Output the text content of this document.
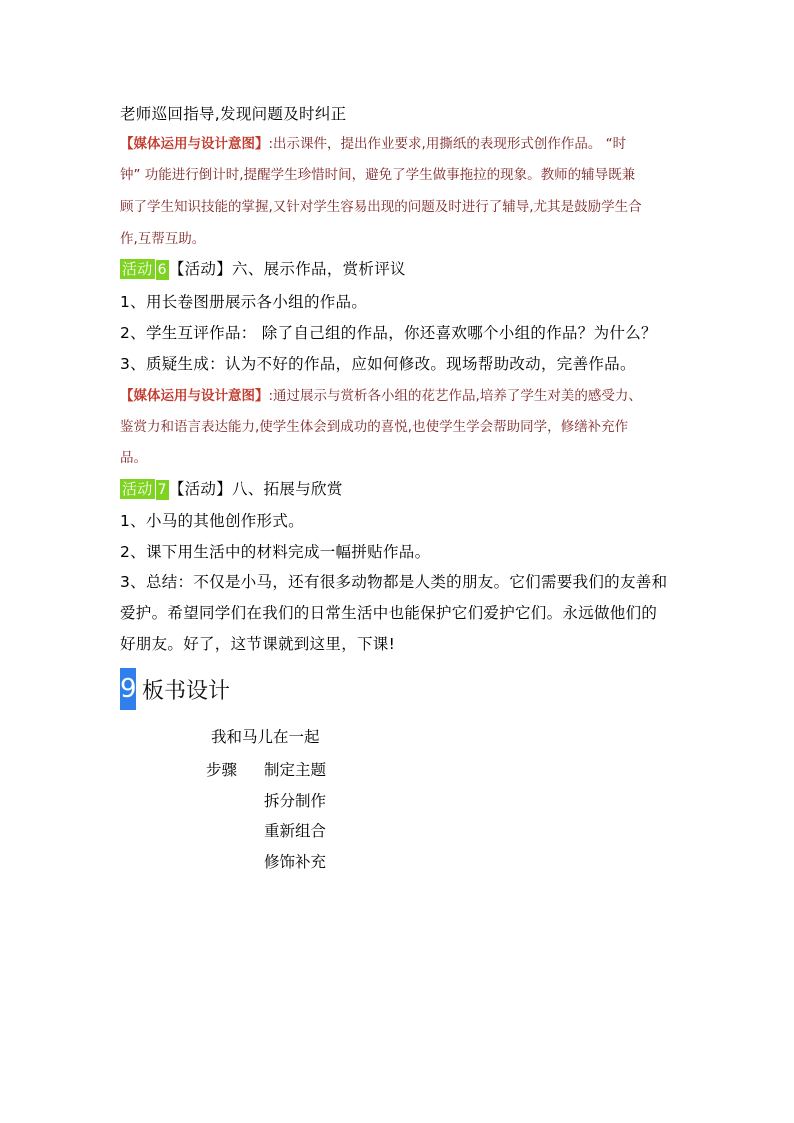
老师巡回指导,发现问题及时纠正
【媒体运用与设计意图】:出示课件，提出作业要求,用撕纸的表现形式创作作品。 “时
钟” 功能进行倒计时,提醒学生珍惜时间，避免了学生做事拖拉的现象。教师的辅导既兼
顾了学生知识技能的掌握,又针对学生容易出现的问题及时进行了辅导,尤其是鼓励学生合
作,互帮互助。
活动 6 【活动】六、展示作品，赏析评议
1、用长卷图册展示各小组的作品。
2、学生互评作品： 除了自己组的作品，你还喜欢哪个小组的作品？为什么？
3、质疑生成：认为不好的作品，应如何修改。现场帮助改动，完善作品。
【媒体运用与设计意图】:通过展示与赏析各小组的花艺作品,培养了学生对美的感受力、
鉴赏力和语言表达能力,使学生体会到成功的喜悦,也使学生学会帮助同学，修缮补充作
品。
活动 7 【活动】八、拓展与欣赏
1、小马的其他创作形式。
2、课下用生活中的材料完成一幅拼贴作品。
3、总结：不仅是小马，还有很多动物都是人类的朋友。它们需要我们的友善和
爱护。希望同学们在我们的日常生活中也能保护它们爱护它们。永远做他们的
好朋友。好了，这节课就到这里，下课!
9 板书设计
我和马儿在一起
步骤 制定主题
拆分制作
重新组合
修饰补充
